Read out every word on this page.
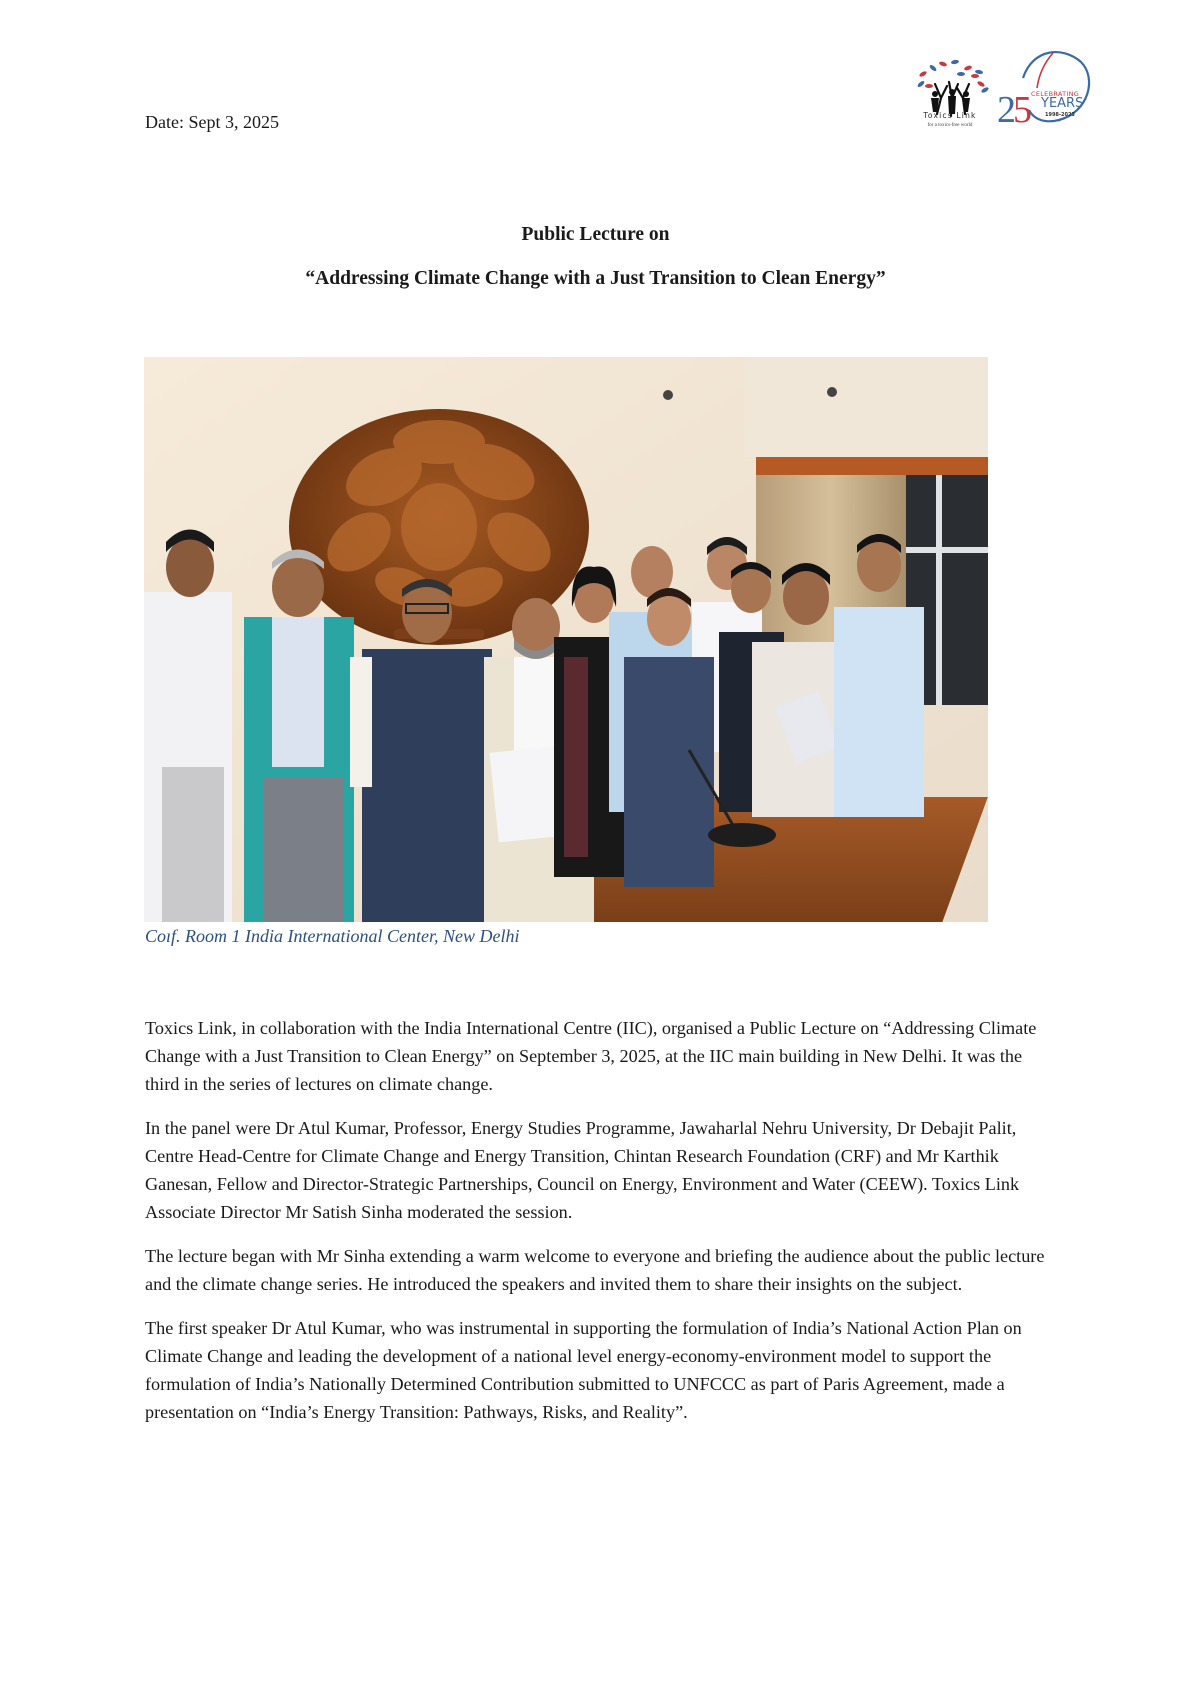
Date: Sept 3, 2025	Toxics Link
for a toxics-free world 25 CELEBRATING
YEARS
1998-2023
•••
Public Lecture on
“Addressing Climate Change with a Just Transition to Clean Energy”
Coıf. Room 1 India International Center, New Delhi

Toxics Link, in collaboration with the India International Centre (IIC), organised a Public Lecture on “Addressing Climate Change with a Just Transition to Clean Energy” on September 3, 2025, at the IIC main building in New Delhi. It was the third in the series of lectures on climate change.

In the panel were Dr Atul Kumar, Professor, Energy Studies Programme, Jawaharlal Nehru University, Dr Debajit Palit, Centre Head-Centre for Climate Change and Energy Transition, Chintan Research Foundation (CRF) and Mr Karthik Ganesan, Fellow and Director-Strategic Partnerships, Council on Energy, Environment and Water (CEEW). Toxics Link Associate Director Mr Satish Sinha moderated the session.

The lecture began with Mr Sinha extending a warm welcome to everyone and briefing the audience about the public lecture and the climate change series. He introduced the speakers and invited them to share their insights on the subject.

The first speaker Dr Atul Kumar, who was instrumental in supporting the formulation of India’s National Action Plan on Climate Change and leading the development of a national level energy-economy-environment model to support the formulation of India’s Nationally Determined Contribution submitted to UNFCCC as part of Paris Agreement, made a presentation on “India’s Energy Transition: Pathways, Risks, and Reality”.
